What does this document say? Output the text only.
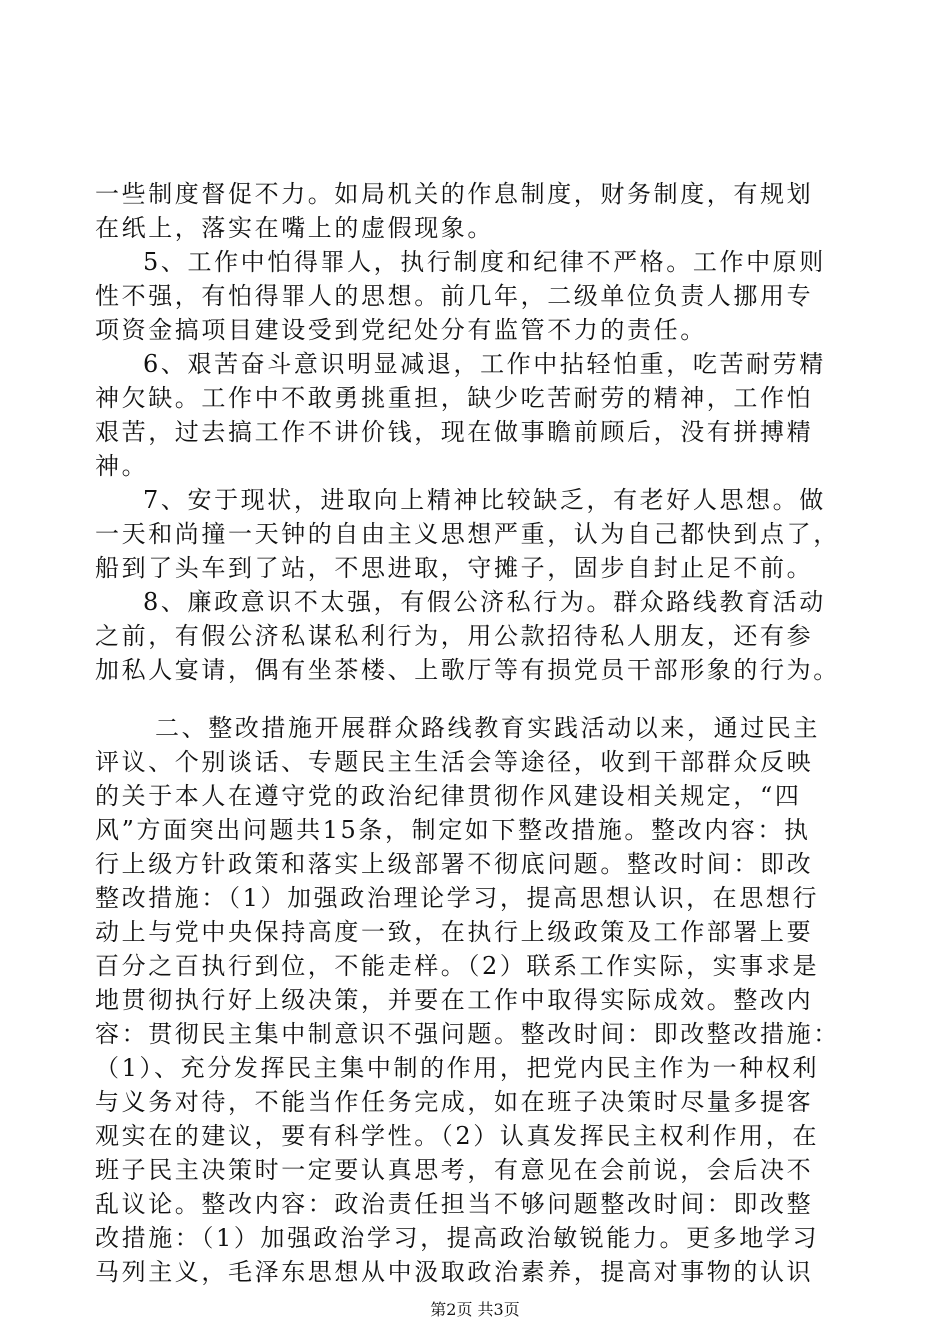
一些制度督促不力。如局机关的作息制度，财务制度，有规划
在纸上，落实在嘴上的虚假现象。
5、工作中怕得罪人，执行制度和纪律不严格。工作中原则
性不强，有怕得罪人的思想。前几年，二级单位负责人挪用专
项资金搞项目建设受到党纪处分有监管不力的责任。
6、艰苦奋斗意识明显减退，工作中拈轻怕重，吃苦耐劳精
神欠缺。工作中不敢勇挑重担，缺少吃苦耐劳的精神，工作怕
艰苦，过去搞工作不讲价钱，现在做事瞻前顾后，没有拼搏精
神。
7、安于现状，进取向上精神比较缺乏，有老好人思想。做
一天和尚撞一天钟的自由主义思想严重，认为自己都快到点了，
船到了头车到了站，不思进取，守摊子，固步自封止足不前。
8、廉政意识不太强，有假公济私行为。群众路线教育活动
之前，有假公济私谋私利行为，用公款招待私人朋友，还有参
加私人宴请，偶有坐茶楼、上歌厅等有损党员干部形象的行为。
二、整改措施开展群众路线教育实践活动以来，通过民主
评议、个别谈话、专题民主生活会等途径，收到干部群众反映
的关于本人在遵守党的政治纪律贯彻作风建设相关规定，“四
风”方面突出问题共15条，制定如下整改措施。整改内容：执
行上级方针政策和落实上级部署不彻底问题。整改时间：即改
整改措施：（1）加强政治理论学习，提高思想认识，在思想行
动上与党中央保持高度一致，在执行上级政策及工作部署上要
百分之百执行到位，不能走样。（2）联系工作实际，实事求是
地贯彻执行好上级决策，并要在工作中取得实际成效。整改内
容：贯彻民主集中制意识不强问题。整改时间：即改整改措施：
（1）、充分发挥民主集中制的作用，把党内民主作为一种权利
与义务对待，不能当作任务完成，如在班子决策时尽量多提客
观实在的建议，要有科学性。（2）认真发挥民主权利作用，在
班子民主决策时一定要认真思考，有意见在会前说，会后决不
乱议论。整改内容：政治责任担当不够问题整改时间：即改整
改措施：（1）加强政治学习，提高政治敏锐能力。更多地学习
马列主义，毛泽东思想从中汲取政治素养，提高对事物的认识
第2页 共3页
